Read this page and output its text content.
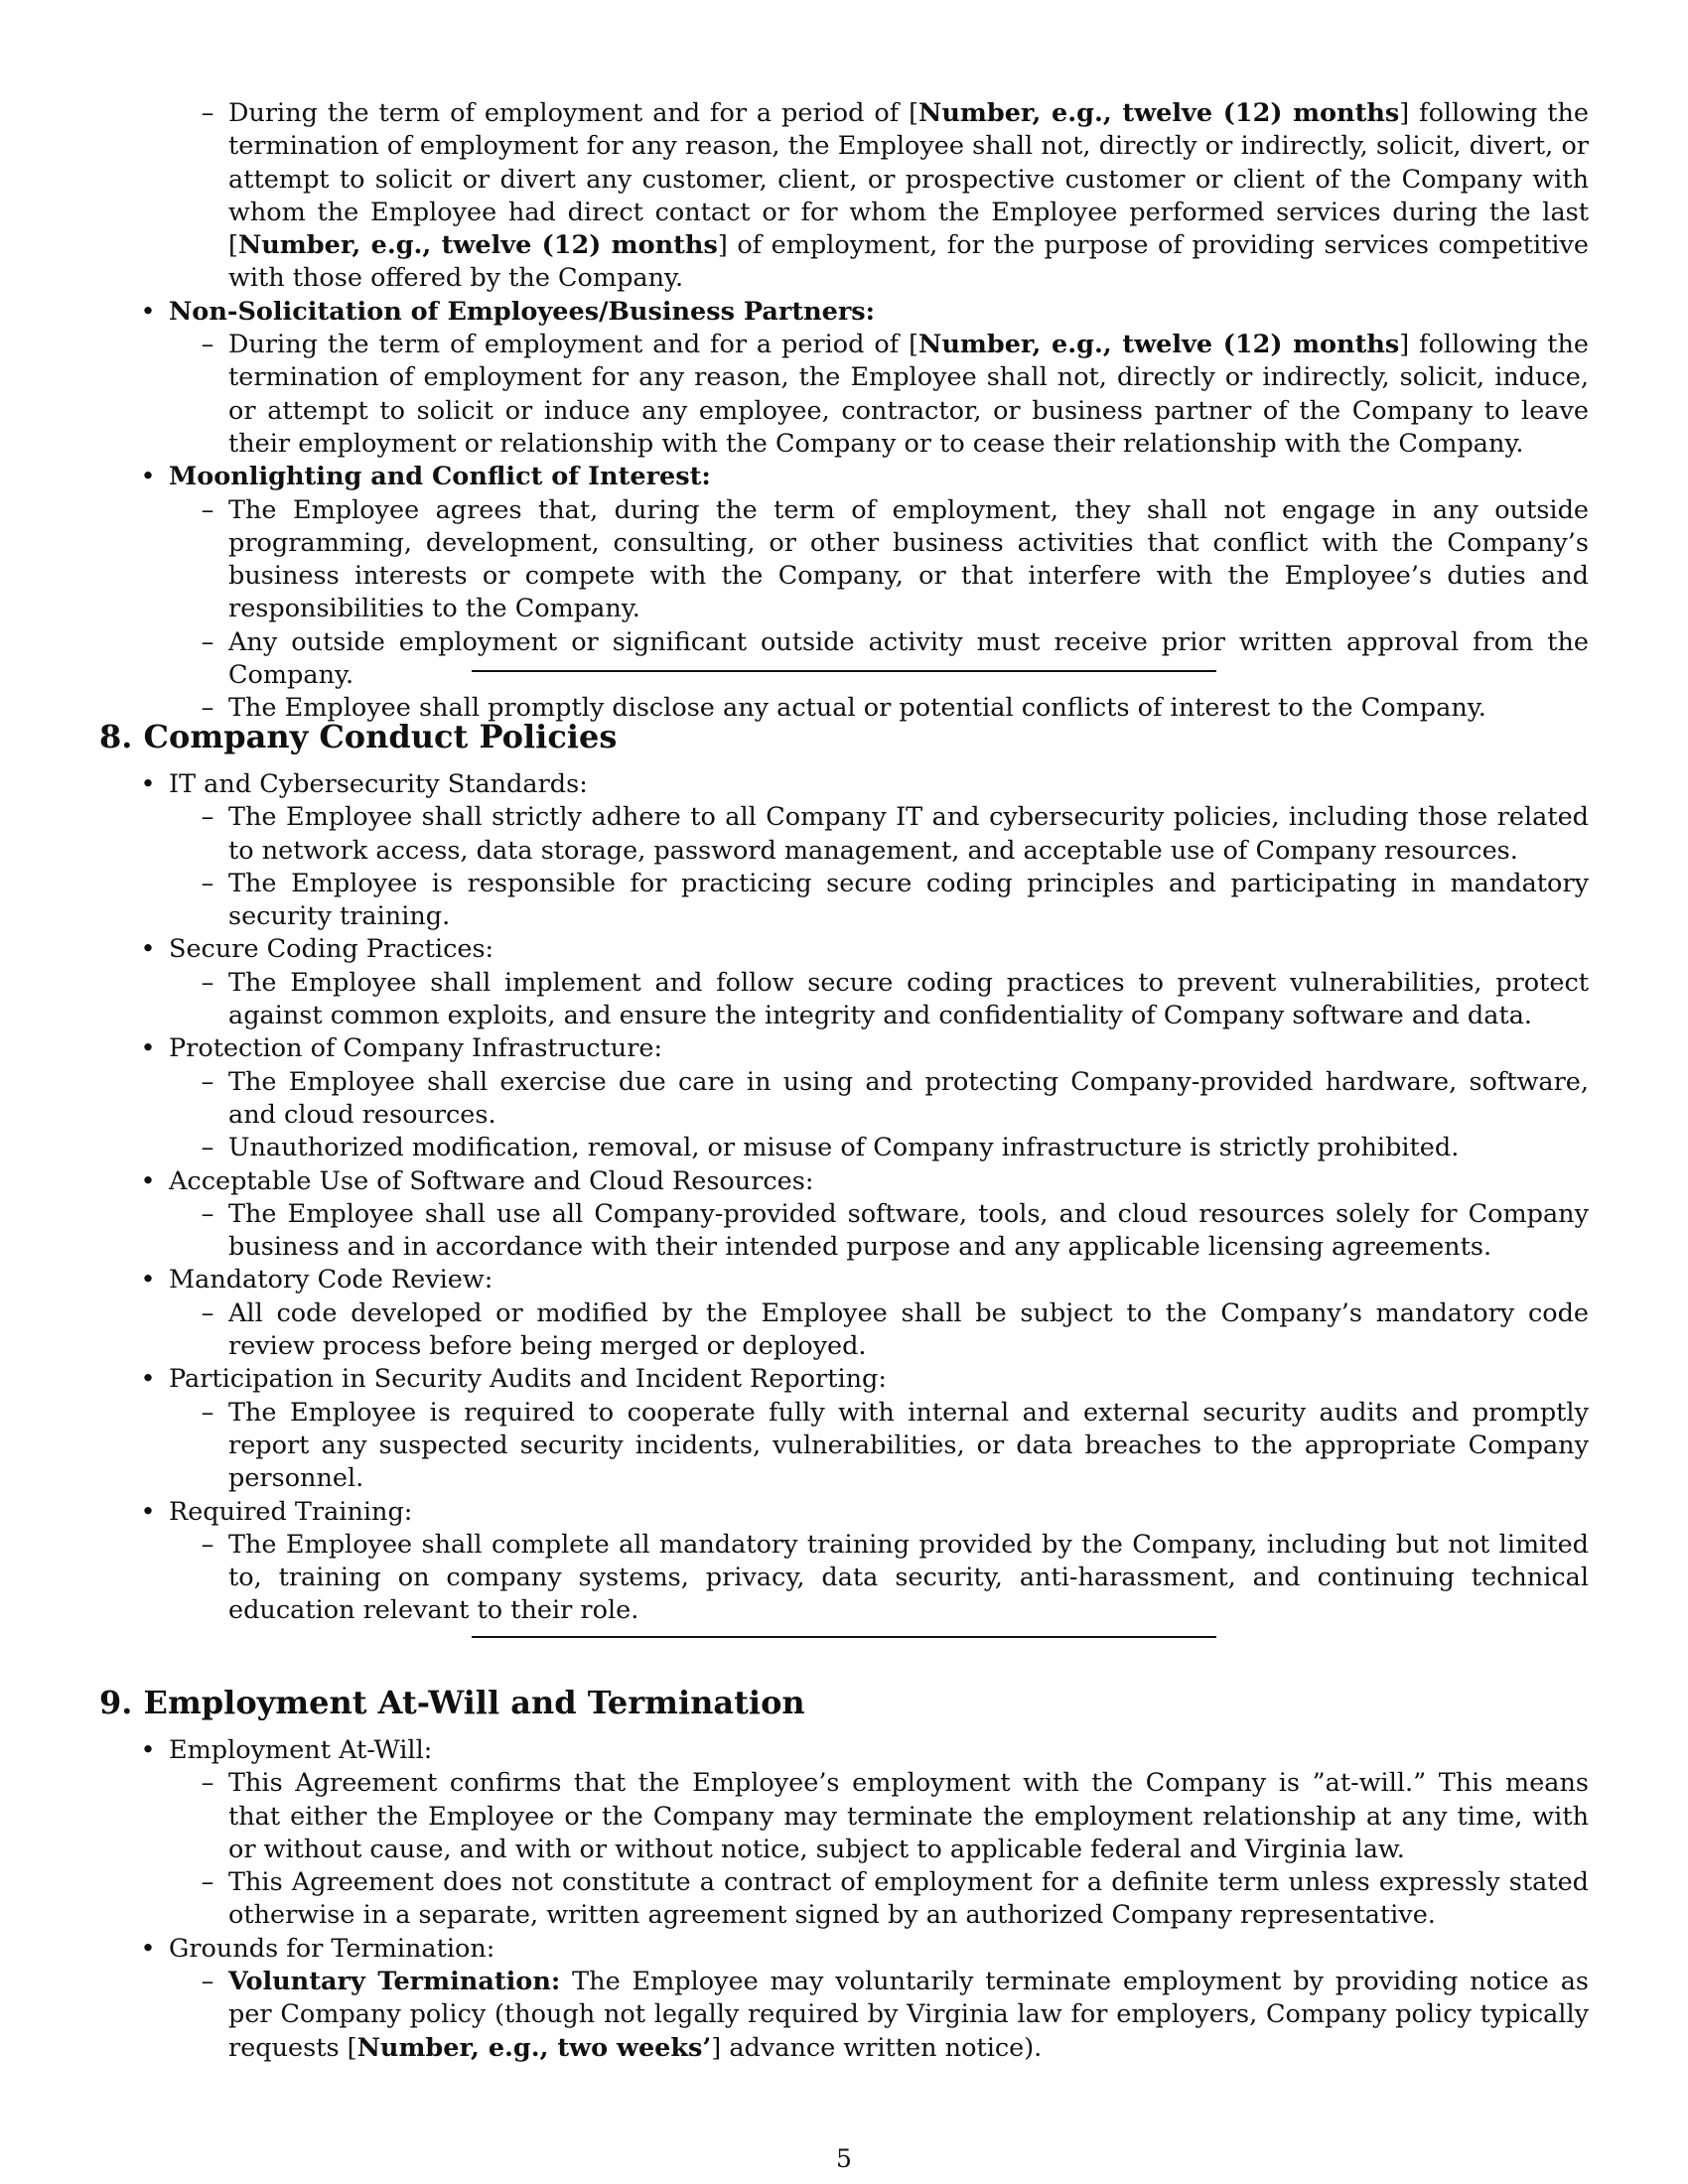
– During the term of employment and for a period of [Number, e.g., twelve (12) months] following the termination of employment for any reason, the Employee shall not, directly or indirectly, solicit, divert, or attempt to solicit or divert any customer, client, or prospective customer or client of the Company with whom the Employee had direct contact or for whom the Employee performed services during the last [Number, e.g., twelve (12) months] of employment, for the purpose of providing services competitive with those offered by the Company.
• Non-Solicitation of Employees/Business Partners:
– During the term of employment and for a period of [Number, e.g., twelve (12) months] following the termination of employment for any reason, the Employee shall not, directly or indirectly, solicit, induce, or attempt to solicit or induce any employee, contractor, or business partner of the Company to leave their employment or relationship with the Company or to cease their relationship with the Company.
• Moonlighting and Conflict of Interest:
– The Employee agrees that, during the term of employment, they shall not engage in any outside programming, development, consulting, or other business activities that conflict with the Company’s business interests or compete with the Company, or that interfere with the Employee’s duties and responsibilities to the Company.
– Any outside employment or significant outside activity must receive prior written approval from the Company.
– The Employee shall promptly disclose any actual or potential conflicts of interest to the Company.
8. Company Conduct Policies
• IT and Cybersecurity Standards:
– The Employee shall strictly adhere to all Company IT and cybersecurity policies, including those related to network access, data storage, password management, and acceptable use of Company resources.
– The Employee is responsible for practicing secure coding principles and participating in mandatory security training.
• Secure Coding Practices:
– The Employee shall implement and follow secure coding practices to prevent vulnerabilities, protect against common exploits, and ensure the integrity and confidentiality of Company software and data.
• Protection of Company Infrastructure:
– The Employee shall exercise due care in using and protecting Company-provided hardware, software, and cloud resources.
– Unauthorized modification, removal, or misuse of Company infrastructure is strictly prohibited.
• Acceptable Use of Software and Cloud Resources:
– The Employee shall use all Company-provided software, tools, and cloud resources solely for Company business and in accordance with their intended purpose and any applicable licensing agreements.
• Mandatory Code Review:
– All code developed or modified by the Employee shall be subject to the Company’s mandatory code review process before being merged or deployed.
• Participation in Security Audits and Incident Reporting:
– The Employee is required to cooperate fully with internal and external security audits and promptly report any suspected security incidents, vulnerabilities, or data breaches to the appropriate Company personnel.
• Required Training:
– The Employee shall complete all mandatory training provided by the Company, including but not limited to, training on company systems, privacy, data security, anti-harassment, and continuing technical education relevant to their role.
9. Employment At-Will and Termination
• Employment At-Will:
– This Agreement confirms that the Employee’s employment with the Company is ”at-will.” This means that either the Employee or the Company may terminate the employment relationship at any time, with or without cause, and with or without notice, subject to applicable federal and Virginia law.
– This Agreement does not constitute a contract of employment for a definite term unless expressly stated otherwise in a separate, written agreement signed by an authorized Company representative.
• Grounds for Termination:
– Voluntary Termination: The Employee may voluntarily terminate employment by providing notice as per Company policy (though not legally required by Virginia law for employers, Company policy typically requests [Number, e.g., two weeks’] advance written notice).
5
